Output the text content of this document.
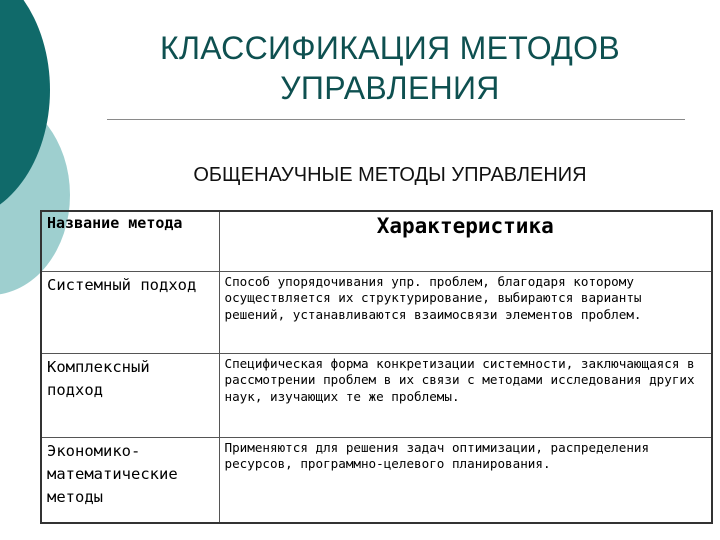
КЛАССИФИКАЦИЯ МЕТОДОВ УПРАВЛЕНИЯ
ОБЩЕНАУЧНЫЕ МЕТОДЫ УПРАВЛЕНИЯ
Название метода	Характеристика
Системный подход	Способ упорядочивания упр. проблем, благодаря которому осуществляется их структурирование, выбираются варианты решений, устанавливаются взаимосвязи элементов проблем.
Комплексный подход	Специфическая форма конкретизации системности, заключающаяся в рассмотрении проблем в их связи с методами исследования других наук, изучающих те же проблемы.
Экономико-математические методы	Применяются для решения задач оптимизации, распределения ресурсов, программно-целевого планирования.
